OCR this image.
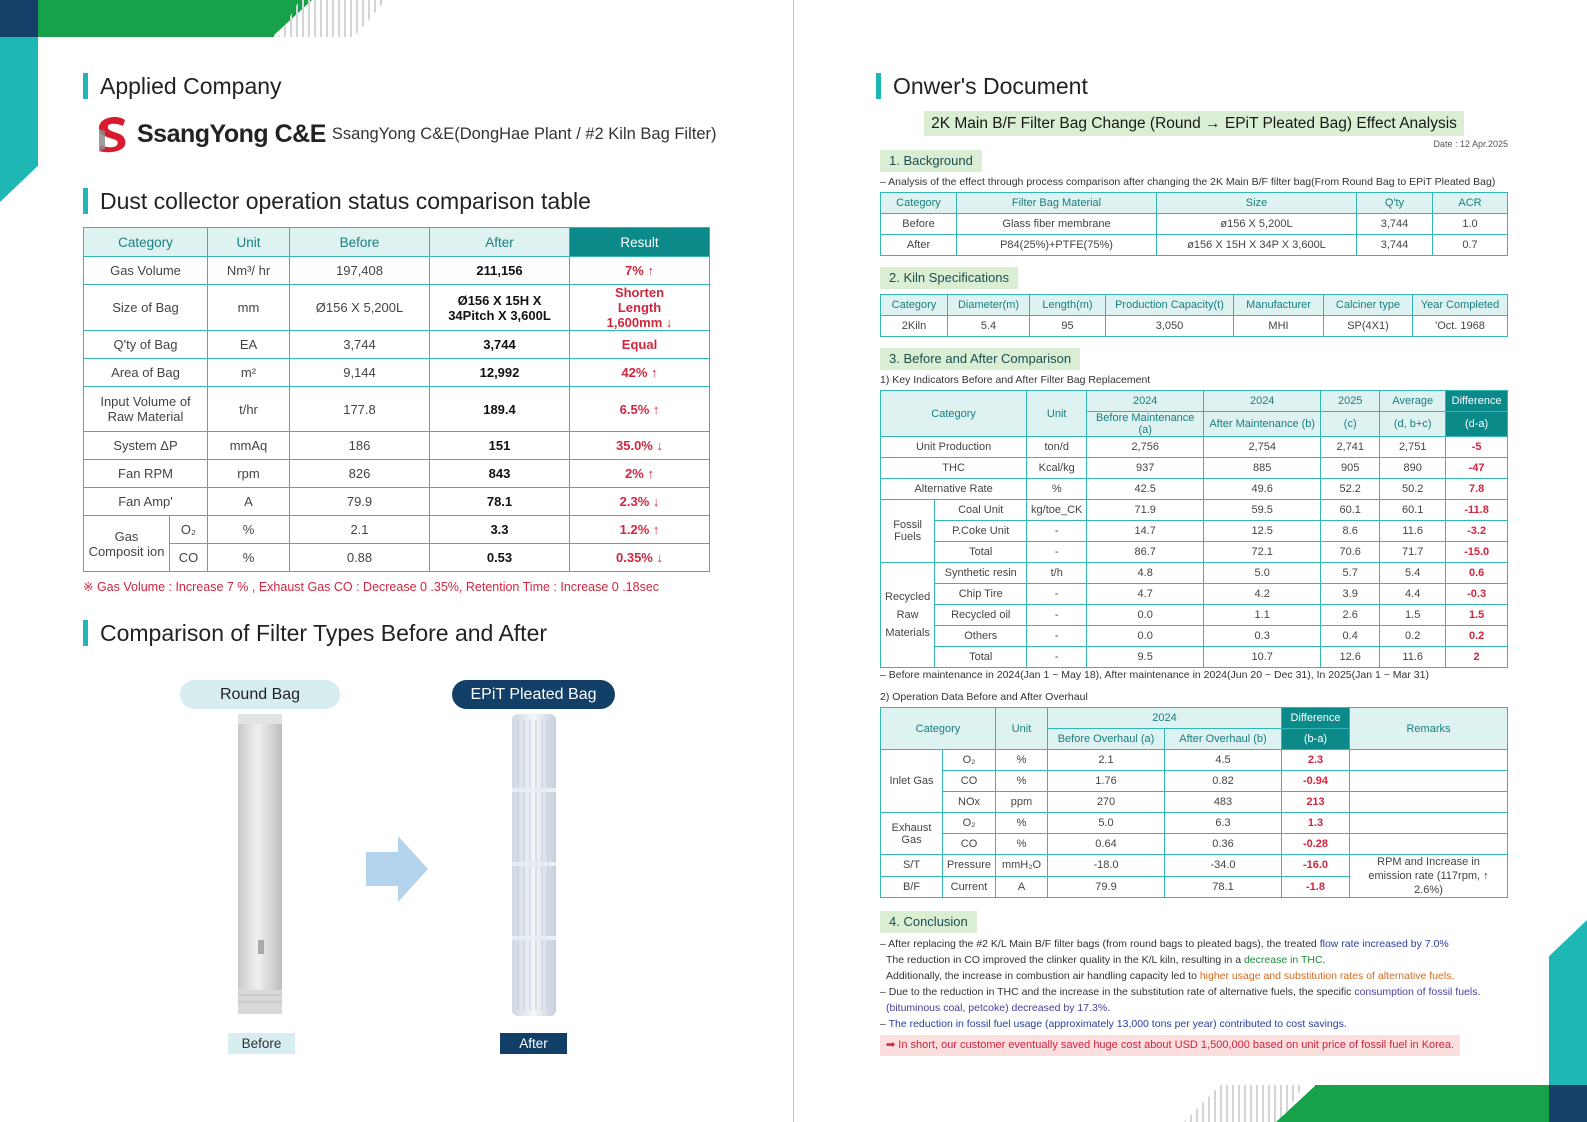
Applied Company
SsangYong C&E SsangYong C&E(DongHae Plant / #2 Kiln Bag Filter)
Dust collector operation status comparison table
Category		Unit	Before	After	Result
Gas Volume		Nm³/ hr	197,408	211,156	7% ↑
Size of Bag		mm	Ø156 X 5,200L	Ø156 X 15H X 34Pitch X 3,600L	Shorten Length 1,600mm ↓
Q'ty of Bag		EA	3,744	3,744	Equal
Area of Bag		m²	9,144	12,992	42% ↑
Input Volume of Raw Material		t/hr	177.8	189.4	6.5% ↑
System ΔP		mmAq	186	151	35.0% ↓
Fan RPM		rpm	826	843	2% ↑
Fan Amp'		A	79.9	78.1	2.3% ↓
Gas Composit ion	O₂	%	2.1	3.3	1.2% ↑
	CO	%	0.88	0.53	0.35% ↓
※ Gas Volume : Increase 7 % , Exhaust Gas CO : Decrease 0 .35%, Retention Time : Increase 0 .18sec
Comparison of Filter Types Before and After
Round Bag	EPiT Pleated Bag
Before	After
Onwer's Document
2K Main B/F Filter Bag Change (Round → EPiT Pleated Bag) Effect Analysis
Date : 12 Apr.2025
1. Background
– Analysis of the effect through process comparison after changing the 2K Main B/F filter bag(From Round Bag to EPiT Pleated Bag)
Category	Filter Bag Material	Size	Q'ty	ACR
Before	Glass fiber membrane	ø156 X 5,200L	3,744	1.0
After	P84(25%)+PTFE(75%)	ø156 X 15H X 34P X 3,600L	3,744	0.7
2. Kiln Specifications
Category	Diameter(m)	Length(m)	Production Capacity(t)	Manufacturer	Calciner type	Year Completed
2Kiln	5.4	95	3,050	MHI	SP(4X1)	'Oct. 1968
3. Before and After Comparison
1) Key Indicators Before and After Filter Bag Replacement
Category		Unit	2024	2024	2025	Average	Difference
			Before Maintenance (a)	After Maintenance (b)	(c)	(d, b+c)	(d-a)
Unit Production		ton/d	2,756	2,754	2,741	2,751	-5
THC		Kcal/kg	937	885	905	890	-47
Alternative Rate		%	42.5	49.6	52.2	50.2	7.8
Fossil Fuels	Coal Unit	kg/toe_CK	71.9	59.5	60.1	60.1	-11.8
	P.Coke Unit	-	14.7	12.5	8.6	11.6	-3.2
	Total	-	86.7	72.1	70.6	71.7	-15.0
Recycled Raw Materials	Synthetic resin	t/h	4.8	5.0	5.7	5.4	0.6
	Chip Tire	-	4.7	4.2	3.9	4.4	-0.3
	Recycled oil	-	0.0	1.1	2.6	1.5	1.5
	Others	-	0.0	0.3	0.4	0.2	0.2
	Total	-	9.5	10.7	12.6	11.6	2
– Before maintenance in 2024(Jan 1 ~ May 18), After maintenance in 2024(Jun 20 ~ Dec 31), In 2025(Jan 1 ~ Mar 31)
2) Operation Data Before and After Overhaul
Category		Unit	2024		Difference	Remarks
			Before Overhaul (a)	After Overhaul (b)	(b-a)	
Inlet Gas	O₂	%	2.1	4.5	2.3	
	CO	%	1.76	0.82	-0.94	
	NOx	ppm	270	483	213	
Exhaust Gas	O₂	%	5.0	6.3	1.3	
	CO	%	0.64	0.36	-0.28	
S/T	Pressure	mmH₂O	-18.0	-34.0	-16.0	RPM and Increase in emission rate (117rpm, ↑ 2.6%)
B/F	Current	A	79.9	78.1	-1.8	
4. Conclusion
– After replacing the #2 K/L Main B/F filter bags (from round bags to pleated bags), the treated flow rate increased by 7.0%
The reduction in CO improved the clinker quality in the K/L kiln, resulting in a decrease in THC.
Additionally, the increase in combustion air handling capacity led to higher usage and substitution rates of alternative fuels.
– Due to the reduction in THC and the increase in the substitution rate of alternative fuels, the specific consumption of fossil fuels.
(bituminous coal, petcoke) decreased by 17.3%.
– The reduction in fossil fuel usage (approximately 13,000 tons per year) contributed to cost savings.
➡ In short, our customer eventually saved huge cost about USD 1,500,000 based on unit price of fossil fuel in Korea.
